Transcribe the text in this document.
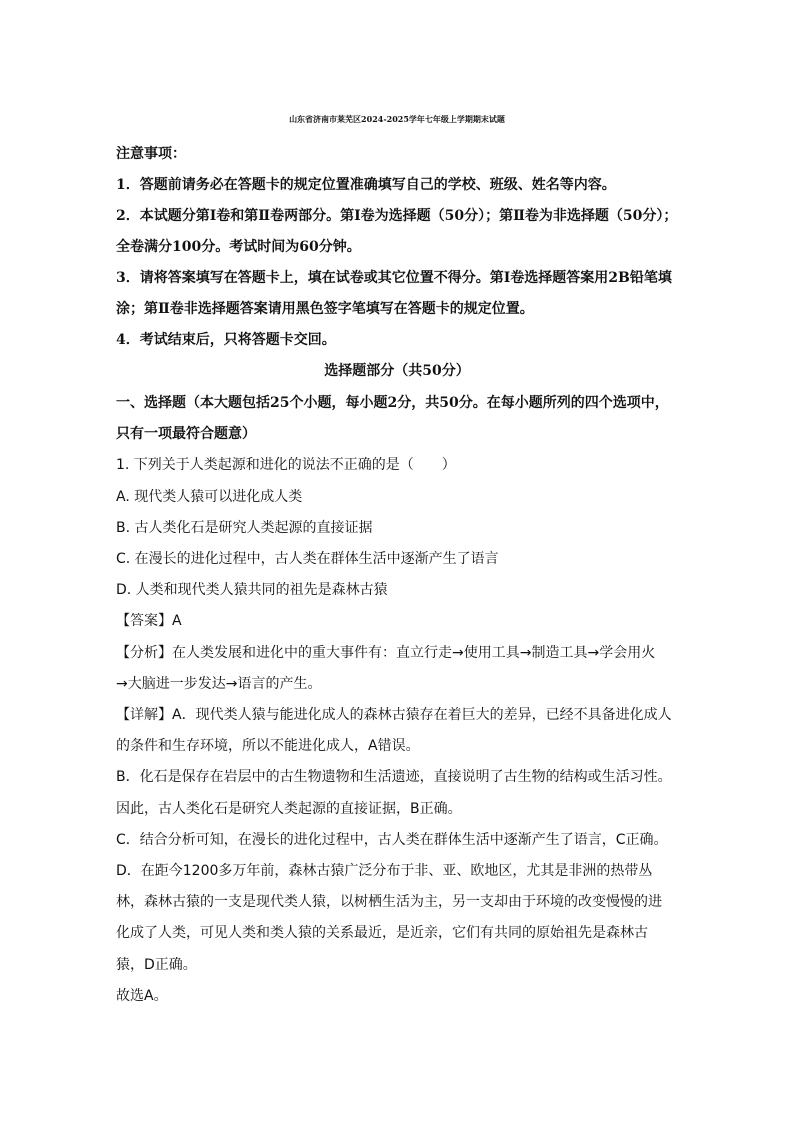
山东省济南市莱芜区2024-2025学年七年级上学期期末试题
注意事项：
1．答题前请务必在答题卡的规定位置准确填写自己的学校、班级、姓名等内容。
2．本试题分第Ⅰ卷和第Ⅱ卷两部分。第Ⅰ卷为选择题（50分）；第Ⅱ卷为非选择题（50分）；
全卷满分100分。考试时间为60分钟。
3．请将答案填写在答题卡上，填在试卷或其它位置不得分。第Ⅰ卷选择题答案用2B铅笔填
涂；第Ⅱ卷非选择题答案请用黑色签字笔填写在答题卡的规定位置。
4．考试结束后，只将答题卡交回。
选择题部分（共50分）
一、选择题（本大题包括25个小题，每小题2分，共50分。在每小题所列的四个选项中，
只有一项最符合题意）
1. 下列关于人类起源和进化的说法不正确的是（　　）
A. 现代类人猿可以进化成人类
B. 古人类化石是研究人类起源的直接证据
C. 在漫长的进化过程中，古人类在群体生活中逐渐产生了语言
D. 人类和现代类人猿共同的祖先是森林古猿
【答案】A
【分析】在人类发展和进化中的重大事件有：直立行走→使用工具→制造工具→学会用火
→大脑进一步发达→语言的产生。
【详解】A．现代类人猿与能进化成人的森林古猿存在着巨大的差异，已经不具备进化成人
的条件和生存环境，所以不能进化成人，A错误。
B．化石是保存在岩层中的古生物遗物和生活遗迹，直接说明了古生物的结构或生活习性。
因此，古人类化石是研究人类起源的直接证据，B正确。
C．结合分析可知，在漫长的进化过程中，古人类在群体生活中逐渐产生了语言，C正确。
D．在距今1200多万年前，森林古猿广泛分布于非、亚、欧地区，尤其是非洲的热带丛
林，森林古猿的一支是现代类人猿，以树栖生活为主，另一支却由于环境的改变慢慢的进
化成了人类，可见人类和类人猿的关系最近，是近亲，它们有共同的原始祖先是森林古
猿，D正确。
故选A。
